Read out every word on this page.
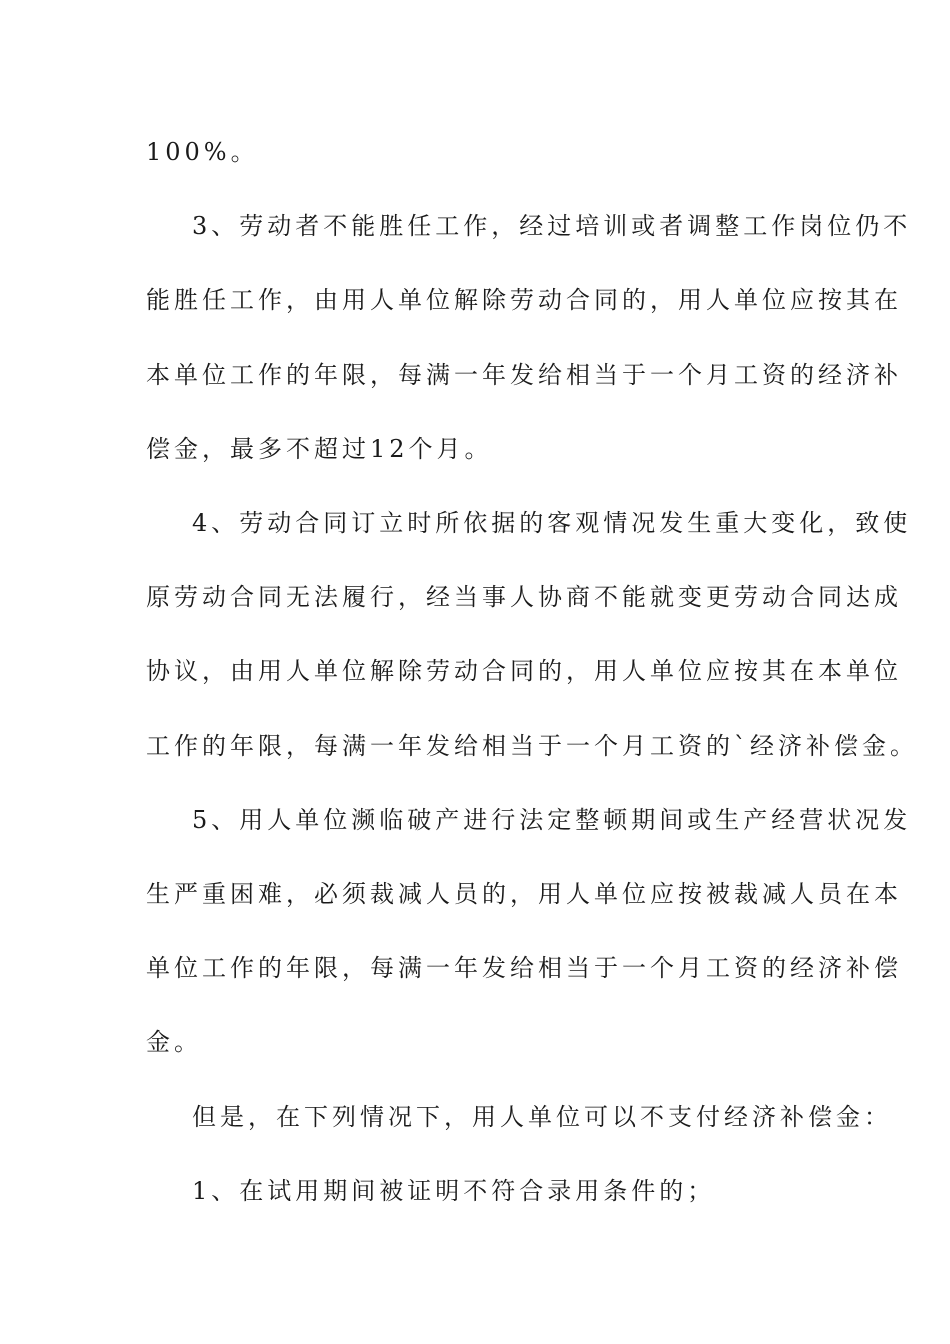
100%。
3、劳动者不能胜任工作，经过培训或者调整工作岗位仍不
能胜任工作，由用人单位解除劳动合同的，用人单位应按其在
本单位工作的年限，每满一年发给相当于一个月工资的经济补
偿金，最多不超过12个月。
4、劳动合同订立时所依据的客观情况发生重大变化，致使
原劳动合同无法履行，经当事人协商不能就变更劳动合同达成
协议，由用人单位解除劳动合同的，用人单位应按其在本单位
工作的年限，每满一年发给相当于一个月工资的`经济补偿金。
5、用人单位濒临破产进行法定整顿期间或生产经营状况发
生严重困难，必须裁减人员的，用人单位应按被裁减人员在本
单位工作的年限，每满一年发给相当于一个月工资的经济补偿
金。
但是，在下列情况下，用人单位可以不支付经济补偿金：
1、在试用期间被证明不符合录用条件的；
